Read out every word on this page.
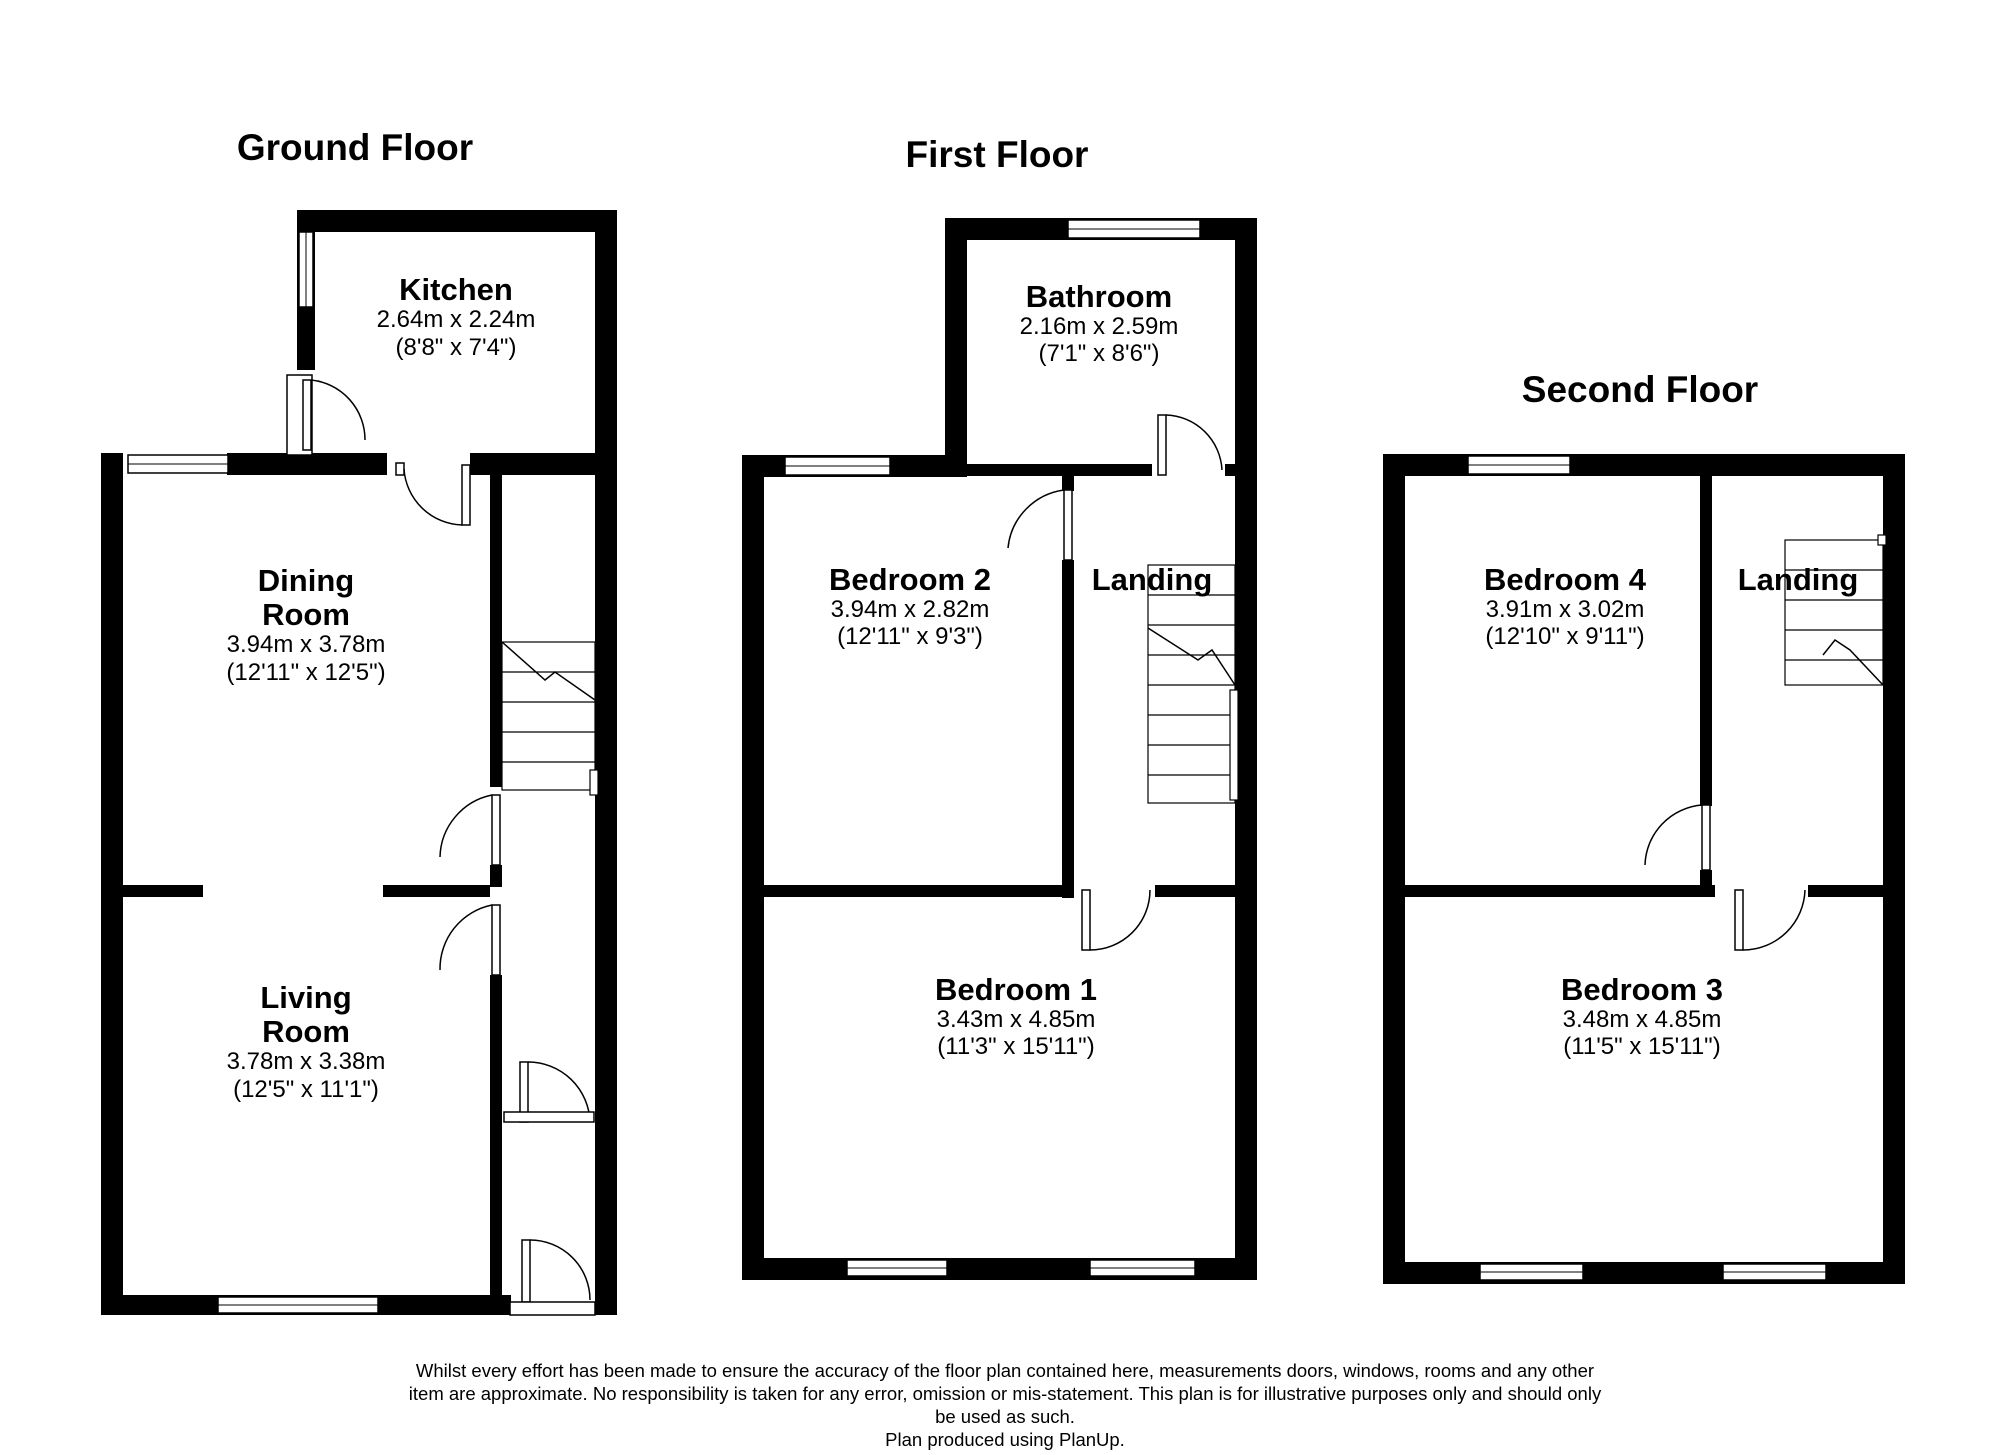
Ground Floor
Kitchen
2.64m x 2.24m
(8'8" x 7'4")
Dining
Room
3.94m x 3.78m
(12'11" x 12'5")
Living
Room
3.78m x 3.38m
(12'5" x 11'1")
First Floor
Bathroom
2.16m x 2.59m
(7'1" x 8'6")
Bedroom 2
3.94m x 2.82m
(12'11" x 9'3")
Landing
Bedroom 1
3.43m x 4.85m
(11'3" x 15'11")
Second Floor
Bedroom 4
3.91m x 3.02m
(12'10" x 9'11")
Landing
Bedroom 3
3.48m x 4.85m
(11'5" x 15'11")
Whilst every effort has been made to ensure the accuracy of the floor plan contained here, measurements doors, windows, rooms and any other
item are approximate. No responsibility is taken for any error, omission or mis-statement. This plan is for illustrative purposes only and should only
be used as such.
Plan produced using PlanUp.
